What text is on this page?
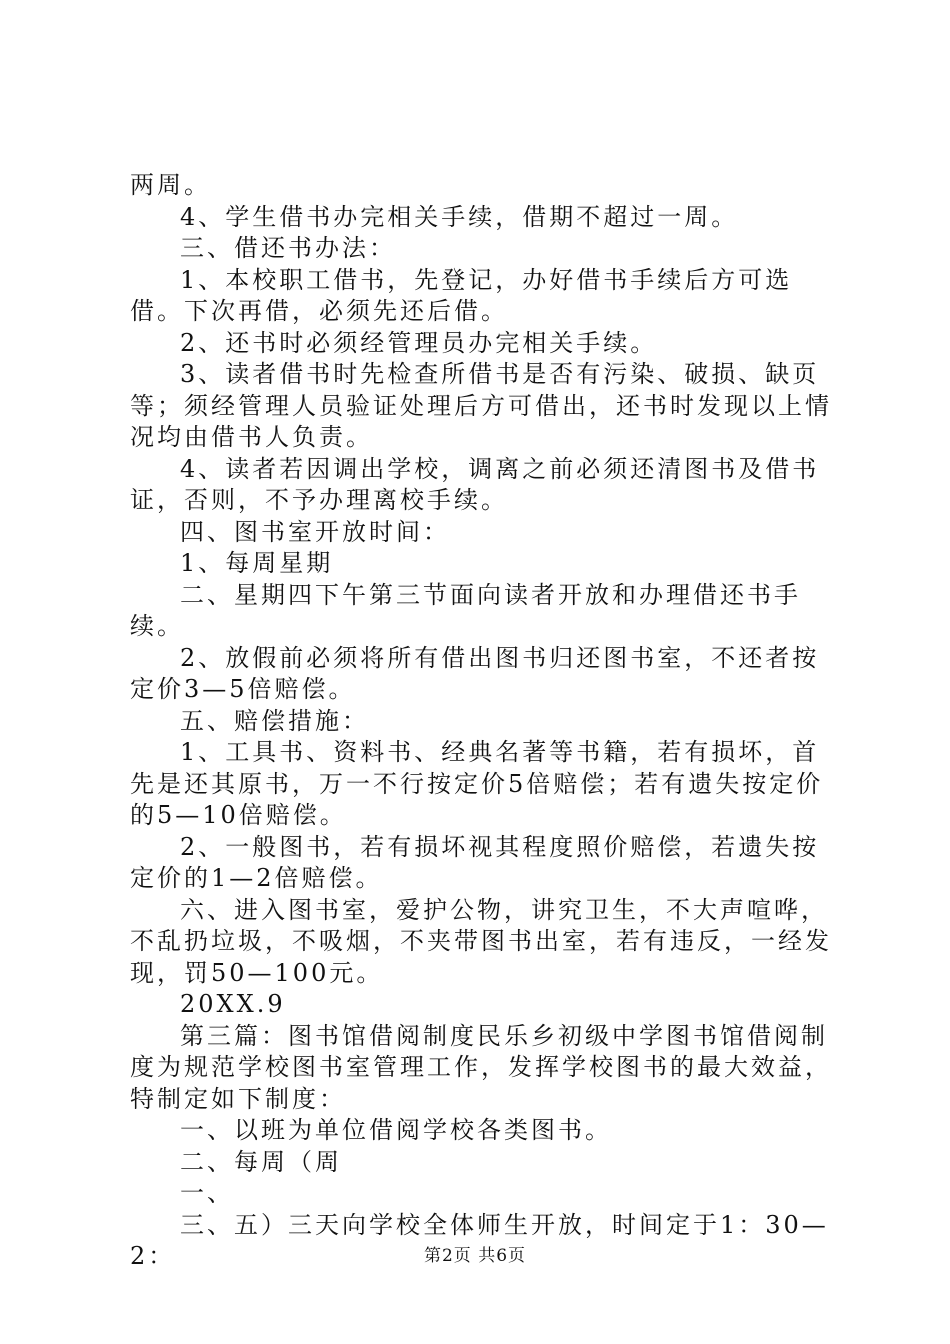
两周。

4、学生借书办完相关手续，借期不超过一周。

三、借还书办法：

1、本校职工借书，先登记，办好借书手续后方可选借。下次再借，必须先还后借。

2、还书时必须经管理员办完相关手续。

3、读者借书时先检查所借书是否有污染、破损、缺页等；须经管理人员验证处理后方可借出，还书时发现以上情况均由借书人负责。

4、读者若因调出学校，调离之前必须还清图书及借书证，否则，不予办理离校手续。

四、图书室开放时间：

1、每周星期

二、星期四下午第三节面向读者开放和办理借还书手续。

2、放假前必须将所有借出图书归还图书室，不还者按定价3—5倍赔偿。

五、赔偿措施：

1、工具书、资料书、经典名著等书籍，若有损坏，首先是还其原书，万一不行按定价5倍赔偿；若有遗失按定价的5—10倍赔偿。

2、一般图书，若有损坏视其程度照价赔偿，若遗失按定价的1—2倍赔偿。

六、进入图书室，爱护公物，讲究卫生，不大声喧哗，不乱扔垃圾，不吸烟，不夹带图书出室，若有违反，一经发现，罚50—100元。

20XX.9

第三篇：图书馆借阅制度民乐乡初级中学图书馆借阅制度为规范学校图书室管理工作，发挥学校图书的最大效益，特制定如下制度：

一、以班为单位借阅学校各类图书。

二、每周（周

一、

三、五）三天向学校全体师生开放，时间定于1：30—2：	第2页 共6页
